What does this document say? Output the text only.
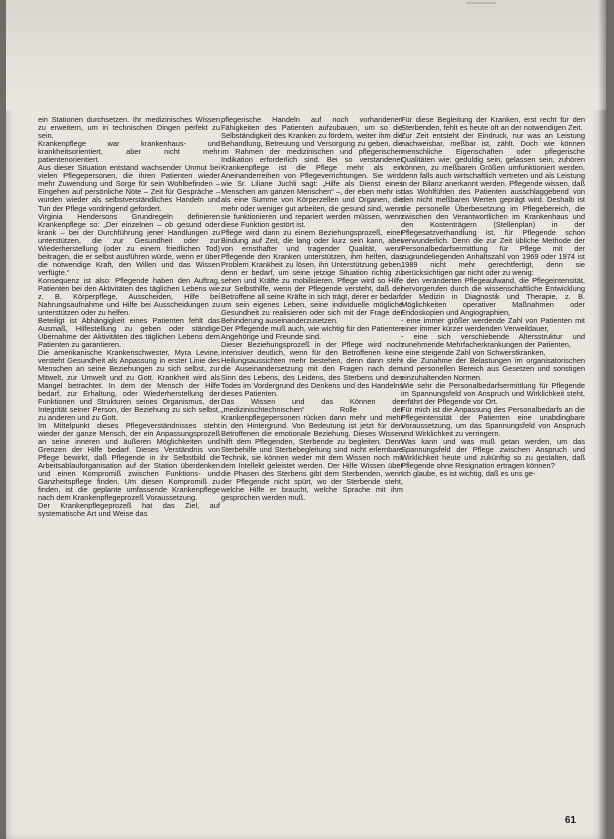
ein Stationen durchsetzen. Ihr medizinisches Wissen zu erweitern, um in technischen Dingen perfekt zu sein.

Krankenpflege war krankenhaus- und krankheitsorientiert, aber nicht mehr patientenorientiert.

Aus dieser Situation entstand wachsender Unmut bei vielen Pflegepersonen, die ihren Patienten wieder mehr Zuwendung und Sorge für sein Wohlbefinden – Eingehen auf persönliche Nöte – Zeit für Gespräche – wurden wieder als selbstverständliches Handeln und Tun der Pflege vordringend gefordert.

Virginia Hendersons Grundregeln definieren Krankenpflege so: „Der einzelnen – ob gesund oder krank – bei der Durchführung jener Handlungen zu unterstützen, die zur Gesundheit oder zur Wiederherstellung (oder zu einem friedlichen Tod) beitragen, die er selbst ausführen würde, wenn er über die notwendige Kraft, den Willen und das Wissen verfügte.“

Konsequenz ist also: Pflegende haben den Auftrag, Patienten bei den Aktivitäten des täglichen Lebens wie z. B. Körperpflege, Ausscheiden, Hilfe bei Nahrungsaufnahme und Hilfe bei Ausscheidungen zu unterstützen oder zu helfen.

Beteiligt ist Abhängigkeit eines Patienten fehlt das Ausmaß, Hilfestellung zu geben oder ständige Übernahme der Aktivitäten des täglichen Lebens dem Patienten zu garantieren.

Die amerikanische Krankenschwester, Myra Levine, versteht Gesundheit als Anpassung in erster Linie des Menschen an seine Beziehungen zu sich selbst, zur Mitwelt, zur Umwelt und zu Gott. Krankheit wird als Mangel betrachtet. In dem der Mensch der Hilfe bedarf, zur Erhaltung, oder Wiederherstellung der Funktionen und Strukturen seines Organismus, der Integrität seiner Person, der Beziehung zu sich selbst, zu anderen und zu Gott.

Im Mittelpunkt dieses Pflegeverständnisses steht wieder der ganze Mensch, der ein Anpassungsprozeß an seine inneren und äußeren Möglichkeiten und Grenzen der Hilfe bedarf. Dieses Verständnis von Pflege bewirkt, daß Pflegende in ihr Selbstbild die Arbeitsablauforganisation auf der Station überdenken und einen Kompromiß zwischen Funktions- und Ganzheitspflege finden. Um diesen Kompromiß zu finden, ist die geplante umfassende Krankenpflege nach dem Krankenpflegeprozeß Voraussetzung.

Der Krankenpflegeprozeß hat das Ziel, auf systematische Art und Weise das

pflegerische Handeln auf noch vorhandenen Fähigkeiten des Patienten aufzubauen, um so die Selbständigkeit des Kranken zu fördern, weiter ihm die Behandlung, Betreuung und Versorgung zu geben, die im Rahmen der medizinischen und pflegerischen Indikation erforderlich sind. Bei so verstandener Krankenpflege ist die Pflege mehr als ein Aneinanderreihen von Pflegeverrichtungen. Sie wird, wie Sr. Liliane Juchli sagt: „Hilfe als Dienst eines Menschen am ganzen Menschen“ –, der eben mehr ist als eine Summe von Körperzellen und Organen, die mehr oder weniger gut arbeiten, die gesund sind, wenn sie funktionieren und repariert werden müssen, wenn diese Funktion gestört ist.

Pflege wird dann zu einem Beziehungsprozeß, einer Bindung auf Zeit, die lang oder kurz sein kann, aber von ernsthafter und tragender Qualität, wenn Pflegende den Kranken unterstützen, ihm helfen, das Problem Krankheit zu lösen, ihn Unterstützung geben, denn er bedarf, um seine jetzige Situation richtig zu sehen und Kräfte zu mobilisieren. Pflege wird so Hilfe zur Selbsthilfe, wenn der Pflegende versteht, daß der Betroffene all seine Kräfte in sich trägt, derer er bedarf, um sein eigenes Leben, seine individuelle mögliche Gesundheit zu realisieren oder sich mit der Frage der Behinderung auseinanderzusetzen.

Der Pflegende muß auch, wie wichtig für den Patienten Angehörige und Freunde sind.

Dieser Beziehungsprozeß in der Pflege wird noch intensiver deutlich, wenn für den Betroffenen keine Heilungsaussichten mehr bestehen, denn dann steht die Auseinandersetzung mit den Fragen nach dem Sinn des Lebens, des Leidens, des Sterbens und des Todes im Vordergrund des Denkens und des Handelns dieses Patienten.

Das Wissen und das Können der „medizinischtechnischen“ Rolle der Krankenpflegepersonen rücken dann mehr und mehr in den Hintergrund. Von Bedeutung ist jetzt für den Betroffenen die emotionale Beziehung. Dieses Wissen hilft dem Pflegenden, Sterbende zu begleiten. Denn Sterbehilfe und Sterbebegleitung sind nicht erlernbare Technik, sie können weder mit dem Wissen noch mit dem Intellekt geleistet werden. Der Hilfe Wissen über die Phasen des Sterbens gibt dem Sterbenden, wenn der Pflegende nicht spürt, wo der Sterbende steht, welche Hilfe er braucht, welche Sprache mit ihm gesprochen werden muß.

Für diese Begleitung der Kranken, erst recht für den Sterbenden, fehlt es heute oft an der notwendigen Zeit.

Zur Zeit entsteht der Eindruck, nur was an Leistung nachweisbar, meßbar ist, zählt. Doch wie können menschliche Eigenschaften oder pflegerische Qualitäten wie: geduldig sein, gelassen sein, zuhören können, zu meßbaren Größen umfunktioniert werden, denn falls auch wirtschaftlich vertreten und als Leistung in der Bilanz anerkannt werden. Pflegende wissen, daß das Wohlfühlen des Patienten ausschlaggebend von den nicht meßbaren Werten geprägt wird. Deshalb ist die personelle Überbesetzung im Pflegebereich, die zwischen den Verantwortlichen im Krankenhaus und den Kostenträgern (Stellenplan) in der Pflegesatzverhandlung ist, für Pflegende schon verwunderlich. Denn die zur Zeit übliche Methode der Personalbedarfsermittlung für Pflege mit der zugrundeliegenden Anhaltszahl von 1969 oder 1974 ist 1989 nicht mehr gerechtfertigt, denn sie berücksichtigen gar nicht oder zu wenig:

- den veränderten Pflegeaufwand, die Pflegeintensität, hervorgerufen durch die wissenschaftliche Entwicklung der Medizin in Diagnostik und Therapie, z. B. Möglichkeiten operativer Maßnahmen oder Endoskopien und Angiographien,

- eine immer größer werdende Zahl von Patienten mit einer immer kürzer werdenden Verweildauer,

- eine sich verschiebende Altersstruktur und zunehmende Mehrfacherkrankungen der Patienten,

- eine steigende Zahl von Schwerstkranken,

- die Zunahme der Belastungen im organisatorischen und personellen Bereich aus Gesetzen und sonstigen einzuhaltenden Normen.

Wie sehr die Personalbedarfsermittlung für Pflegende im Spannungsfeld von Anspruch und Wirklichkeit steht, erfährt der Pflegende vor Ort.

Für mich ist die Anpassung des Personalbedarfs an die Pflegeintensität der Patienten eine unabdingbare Voraussetzung, um das Spannungsfeld von Anspruch und Wirklichkeit zu verringern.

Was kann und was muß getan werden, um das Spannungsfeld der Pflege zwischen Anspruch und Wirklichkeit heute und zukünftig so zu gestalten, daß Pflegende ohne Resignation ertragen können?

Ich glaube, es ist wichtig, daß es uns ge-

61
